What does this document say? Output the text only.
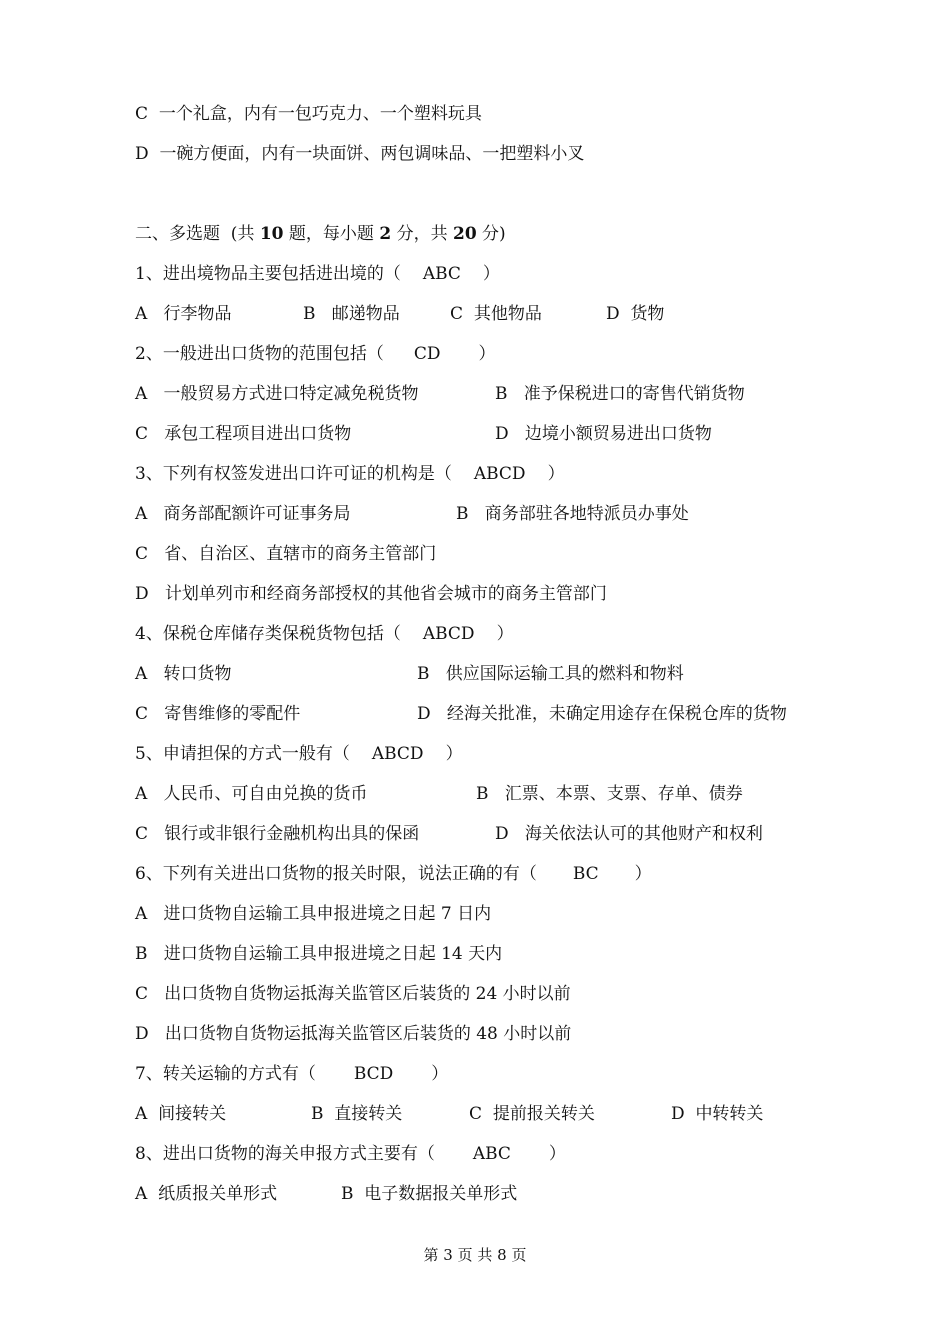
C  一个礼盒，内有一包巧克力、一个塑料玩具
D  一碗方便面，内有一块面饼、两包调味品、一把塑料小叉
二、多选题  (共 10 题，每小题 2 分，共 20 分)
1、进出境物品主要包括进出境的（ ABC ）
A   行李物品	B   邮递物品	C  其他物品	D  货物
2、一般进出口货物的范围包括（ CD ）
A   一般贸易方式进口特定减免税货物	B   准予保税进口的寄售代销货物
C   承包工程项目进出口货物	D   边境小额贸易进出口货物
3、下列有权签发进出口许可证的机构是（ ABCD ）
A   商务部配额许可证事务局	B   商务部驻各地特派员办事处
C   省、自治区、直辖市的商务主管部门
D   计划单列市和经商务部授权的其他省会城市的商务主管部门
4、保税仓库储存类保税货物包括（ ABCD ）
A   转口货物	B   供应国际运输工具的燃料和物料
C   寄售维修的零配件	D   经海关批准，未确定用途存在保税仓库的货物
5、申请担保的方式一般有（ ABCD ）
A   人民币、可自由兑换的货币	B   汇票、本票、支票、存单、债券
C   银行或非银行金融机构出具的保函	D   海关依法认可的其他财产和权利
6、下列有关进出口货物的报关时限，说法正确的有（ BC ）
A   进口货物自运输工具申报进境之日起 7 日内
B   进口货物自运输工具申报进境之日起 14 天内
C   出口货物自货物运抵海关监管区后装货的 24 小时以前
D   出口货物自货物运抵海关监管区后装货的 48 小时以前
7、转关运输的方式有（ BCD ）
A  间接转关	B  直接转关	C  提前报关转关	D  中转转关
8、进出口货物的海关申报方式主要有（ ABC ）
A  纸质报关单形式	B  电子数据报关单形式
第 3 页 共 8 页
